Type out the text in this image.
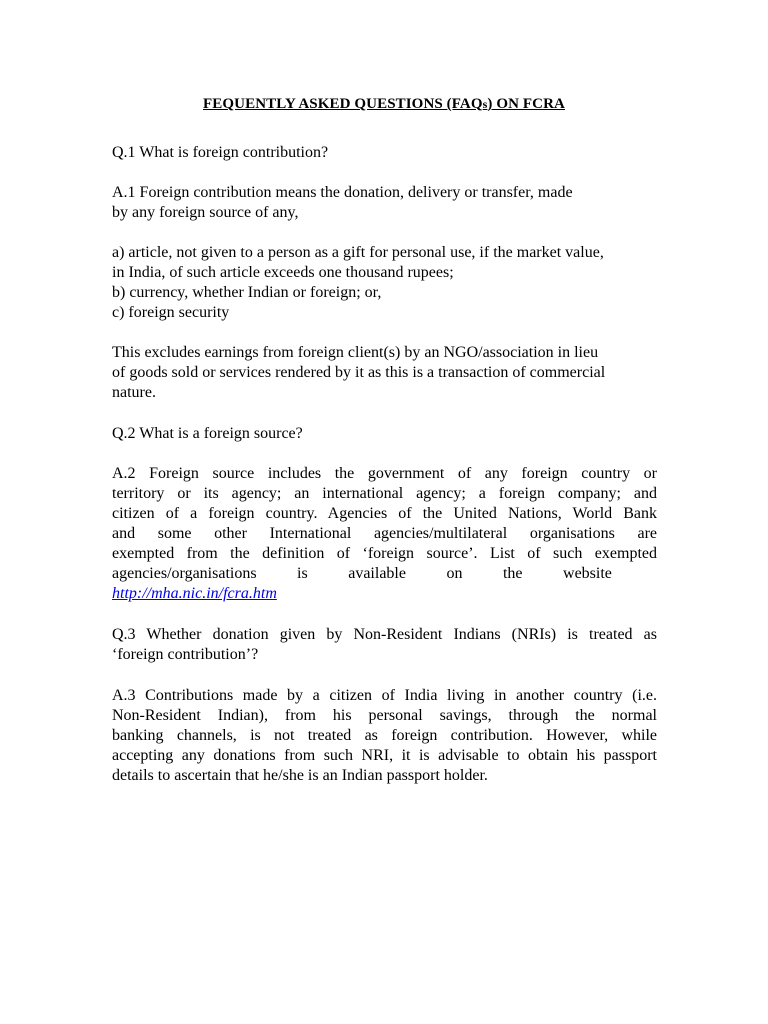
FEQUENTLY ASKED QUESTIONS (FAQs) ON FCRA
Q.1 What is foreign contribution?
A.1 Foreign contribution means the donation, delivery or transfer, made
by any foreign source of any,
a) article, not given to a person as a gift for personal use, if the market value,
in India, of such article exceeds one thousand rupees;
b) currency, whether Indian or foreign; or,
c) foreign security
This excludes earnings from foreign client(s) by an NGO/association in lieu
of goods sold or services rendered by it as this is a transaction of commercial
nature.
Q.2 What is a foreign source?
A.2 Foreign source includes the government of any foreign country or
territory or its agency; an international agency; a foreign company; and
citizen of a foreign country. Agencies of the United Nations, World Bank
and some other International agencies/multilateral organisations are
exempted from the definition of ‘foreign source’. List of such exempted
agencies/organisations is available on the website
http://mha.nic.in/fcra.htm
Q.3 Whether donation given by Non-Resident Indians (NRIs) is treated as
‘foreign contribution’?
A.3 Contributions made by a citizen of India living in another country (i.e.
Non-Resident Indian), from his personal savings, through the normal
banking channels, is not treated as foreign contribution. However, while
accepting any donations from such NRI, it is advisable to obtain his passport
details to ascertain that he/she is an Indian passport holder.
